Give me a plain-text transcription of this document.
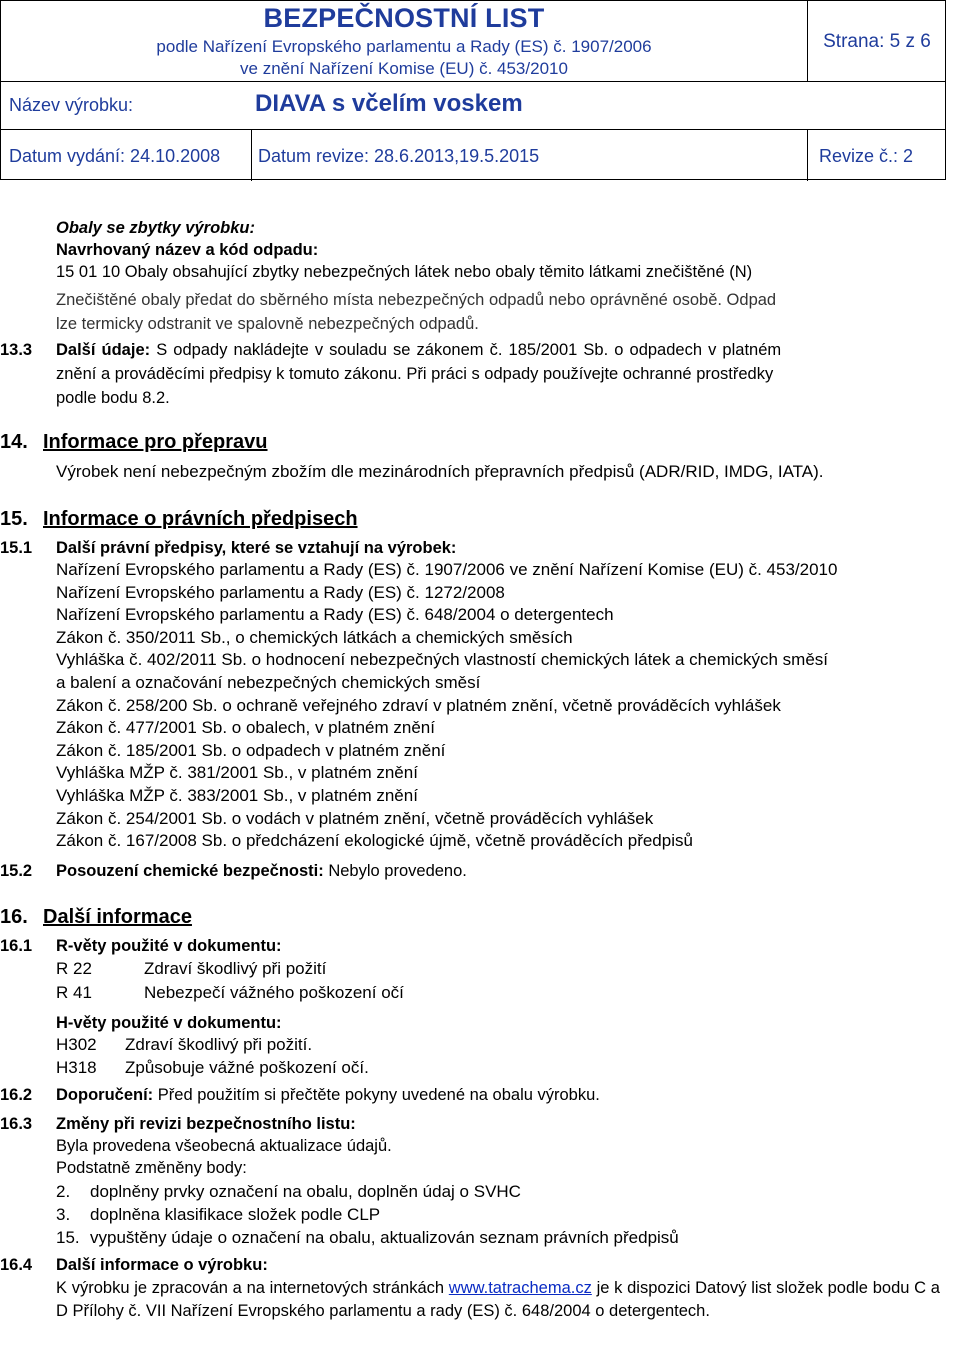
BEZPEČNOSTNÍ LIST
podle Nařízení Evropského parlamentu a Rady (ES) č. 1907/2006
ve znění Nařízení Komise (EU) č. 453/2010
Strana: 5 z 6
Název výrobku:	DIAVA s včelím voskem
Datum vydání: 24.10.2008 Datum revize: 28.6.2013,19.5.2015	Revize č.: 2
Obaly se zbytky výrobku:
Navrhovaný název a kód odpadu:
15 01 10 Obaly obsahující zbytky nebezpečných látek nebo obaly těmito látkami znečištěné (N)
Znečištěné obaly předat do sběrného místa nebezpečných odpadů nebo oprávněné osobě. Odpad
lze termicky odstranit ve spalovně nebezpečných odpadů.
13.3 Další údaje: S odpady nakládejte v souladu se zákonem č. 185/2001 Sb. o odpadech v platném
znění a prováděcími předpisy k tomuto zákonu. Při práci s odpady používejte ochranné prostředky
podle bodu 8.2.
14. Informace pro přepravu
Výrobek není nebezpečným zbožím dle mezinárodních přepravních předpisů (ADR/RID, IMDG, IATA).
15. Informace o právních předpisech
15.1 Další právní předpisy, které se vztahují na výrobek:
Nařízení Evropského parlamentu a Rady (ES) č. 1907/2006 ve znění Nařízení Komise (EU) č. 453/2010
Nařízení Evropského parlamentu a Rady (ES) č. 1272/2008
Nařízení Evropského parlamentu a Rady (ES) č. 648/2004 o detergentech
Zákon č. 350/2011 Sb., o chemických látkách a chemických směsích
Vyhláška č. 402/2011 Sb. o hodnocení nebezpečných vlastností chemických látek a chemických směsí
a balení a označování nebezpečných chemických směsí
Zákon č. 258/200 Sb. o ochraně veřejného zdraví v platném znění, včetně prováděcích vyhlášek
Zákon č. 477/2001 Sb. o obalech, v platném znění
Zákon č. 185/2001 Sb. o odpadech v platném znění
Vyhláška MŽP č. 381/2001 Sb., v platném znění
Vyhláška MŽP č. 383/2001 Sb., v platném znění
Zákon č. 254/2001 Sb. o vodách v platném znění, včetně prováděcích vyhlášek
Zákon č. 167/2008 Sb. o předcházení ekologické újmě, včetně prováděcích předpisů
15.2 Posouzení chemické bezpečnosti: Nebylo provedeno.
16. Další informace
16.1 R-věty použité v dokumentu:
R 22	Zdraví škodlivý při požití
R 41	Nebezpečí vážného poškození očí
H-věty použité v dokumentu:
H302 Zdraví škodlivý při požití.
H318 Způsobuje vážné poškození očí.
16.2 Doporučení: Před použitím si přečtěte pokyny uvedené na obalu výrobku.
16.3 Změny při revizi bezpečnostního listu:
Byla provedena všeobecná aktualizace údajů.
Podstatně změněny body:
2. doplněny prvky označení na obalu, doplněn údaj o SVHC
3. doplněna klasifikace složek podle CLP
15. vypuštěny údaje o označení na obalu, aktualizován seznam právních předpisů
16.4 Další informace o výrobku:
K výrobku je zpracován a na internetových stránkách www.tatrachema.cz je k dispozici Datový list složek podle bodu C a D Přílohy č. VII Nařízení Evropského parlamentu a rady (ES) č. 648/2004 o detergentech.
